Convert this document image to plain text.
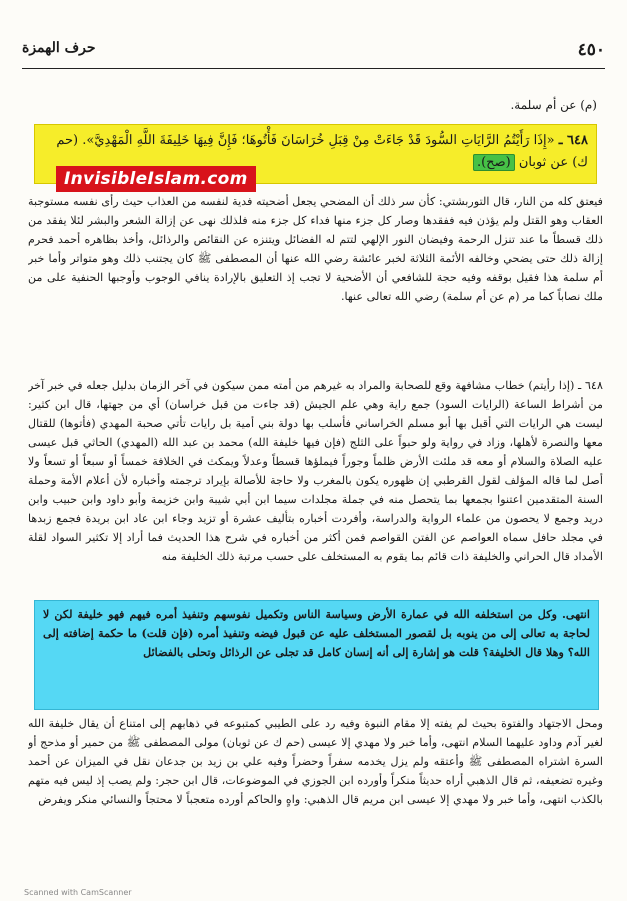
٤٥٠
حرف الهمزة
(م) عن أم سلمة.
٦٤٨ ـ «إِذَا رَأَيْتُمُ الرَّايَاتِ السُّودَ قَدْ جَاءَتْ مِنْ قِبَلِ خُرَاسَانَ فَأْتُوهَا؛ فَإِنَّ فِيهَا خَلِيفَةَ اللَّهِ الْمَهْدِيَّ». (حم ك) عن ثوبان (صح).
InvisibleIslam.com
فيعتق كله من النار، قال التوربشتي: كأن سر ذلك أن المضحي يجعل أضحيته فدية لنفسه من العذاب حيث رأى نفسه مستوجبة العقاب وهو القتل ولم يؤذن فيه ففقدها وصار كل جزء منها فداء كل جزء منه فلذلك نهى عن إزالة الشعر والبشر لئلا يفقد من ذلك قسطاً ما عند تنزل الرحمة وفيضان النور الإلهي لتتم له الفضائل ويتنزه عن النقائص والرذائل، وأخذ بظاهره أحمد فحرم إزالة ذلك حتى يضحي وخالفه الأئمة الثلاثة لخبر عائشة رضي الله عنها أن المصطفى ﷺ كان يجتنب ذلك وهو متواتر وأما خبر أم سلمة هذا فقيل بوقفه وفيه حجة للشافعي أن الأضحية لا تجب إذ التعليق بالإرادة ينافي الوجوب وأوجبها الحنفية على من ملك نصاباً كما مر (م عن أم سلمة) رضي الله تعالى عنها.
٦٤٨ ـ (إذا رأيتم) خطاب مشافهة وقع للصحابة والمراد به غيرهم من أمته ممن سيكون في آخر الزمان بدليل جعله في خبر آخر من أشراط الساعة (الرايات السود) جمع راية وهي علم الجيش (قد جاءت من قبل خراسان) أي من جهتها، قال ابن كثير: ليست هي الرايات التي أقبل بها أبو مسلم الخراساني فأسلب بها دولة بني أمية بل رايات تأتي صحبة المهدي (فأتوها) للقتال معها والنصرة لأهلها، وزاد في رواية ولو حبواً على الثلج (فإن فيها خليفة الله) محمد بن عبد الله (المهدي) الحاثي قبل عيسى عليه الصلاة والسلام أو معه قد ملئت الأرض ظلماً وجوراً فيملؤها قسطاً وعدلاً ويمكث في الخلافة خمساً أو سبعاً أو تسعاً ولا أصل لما قاله المؤلف لقول القرطبي إن ظهوره يكون بالمغرب ولا حاجة للأصالة بإيراد ترجمته وأخباره لأن أعلام الأمة وحملة السنة المتقدمين اعتنوا بجمعها بما يتحصل منه في جملة مجلدات سيما ابن أبي شيبة وابن خزيمة وأبو داود وابن حبيب وابن دريد وجمع لا يحصون من علماء الرواية والدراسة، وأفردت أخباره بتأليف عشرة أو تزيد وجاء ابن عاد ابن بريدة فجمع زبدها في مجلد حافل سماه العواصم عن الفتن القواصم فمن أكثر من أخباره في شرح هذا الحديث فما أراد إلا تكثير السواد لقلة الأمداد قال الحراني والخليفة ذات قائم بما يقوم به المستخلف على حسب مرتبة ذلك الخليفة منه
انتهى. وكل من استخلفه الله في عمارة الأرض وسياسة الناس وتكميل نفوسهم وتنفيذ أمره فيهم فهو خليفة لكن لا لحاجة به تعالى إلى من ينوبه بل لقصور المستخلف عليه عن قبول فيضه وتنفيذ أمره (فإن قلت) ما حكمة إضافته إلى الله؟ وهلا قال الخليفة؟ قلت هو إشارة إلى أنه إنسان كامل قد تجلى عن الرذائل وتحلى بالفضائل
ومحل الاجتهاد والفتوة بحيث لم يفته إلا مقام النبوة وفيه رد على الطيبي كمتبوعه في ذهابهم إلى امتناع أن يقال خليفة الله لغير آدم وداود عليهما السلام انتهى، وأما خبر ولا مهدي إلا عيسى (حم ك عن ثوبان) مولى المصطفى ﷺ من حمير أو مذحج أو السرة اشتراه المصطفى ﷺ وأعتقه ولم يزل يخدمه سفراً وحضراً وفيه علي بن زيد بن جدعان نقل في الميزان عن أحمد وغيره تضعيفه، ثم قال الذهبي أراه حديثاً منكراً وأورده ابن الجوزي في الموضوعات، قال ابن حجر: ولم يصب إذ ليس فيه متهم بالكذب انتهى، وأما خبر ولا مهدي إلا عيسى ابن مريم قال الذهبي: واهٍ والحاكم أورده متعجباً لا محتجاً والنسائي منكر ويفرض
Scanned with CamScanner
